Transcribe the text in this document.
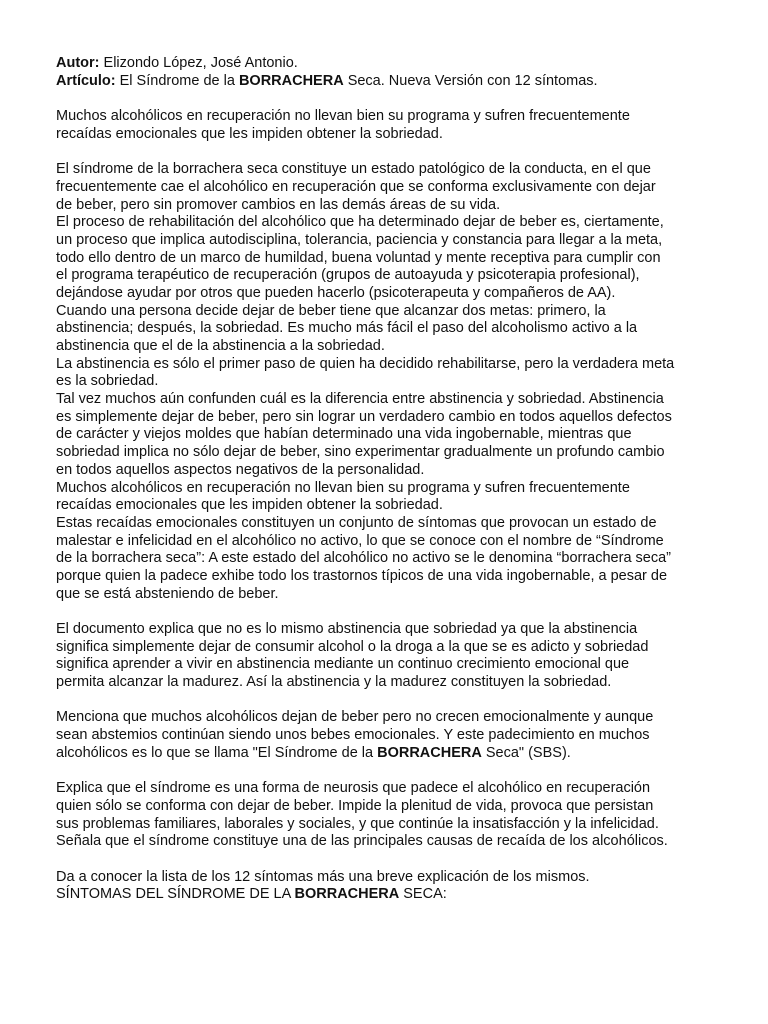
Autor: Elizondo López, José Antonio.
Artículo: El Síndrome de la BORRACHERA Seca. Nueva Versión con 12 síntomas.
Muchos alcohólicos en recuperación no llevan bien su programa y sufren frecuentemente
recaídas emocionales que les impiden obtener la sobriedad.
El síndrome de la borrachera seca constituye un estado patológico de la conducta, en el que
frecuentemente cae el alcohólico en recuperación que se conforma exclusivamente con dejar
de beber, pero sin promover cambios en las demás áreas de su vida.
El proceso de rehabilitación del alcohólico que ha determinado dejar de beber es, ciertamente,
un proceso que implica autodisciplina, tolerancia, paciencia y constancia para llegar a la meta,
todo ello dentro de un marco de humildad, buena voluntad y mente receptiva para cumplir con
el programa terapéutico de recuperación (grupos de autoayuda y psicoterapia profesional),
dejándose ayudar por otros que pueden hacerlo (psicoterapeuta y compañeros de AA).
Cuando una persona decide dejar de beber tiene que alcanzar dos metas: primero, la
abstinencia; después, la sobriedad. Es mucho más fácil el paso del alcoholismo activo a la
abstinencia que el de la abstinencia a la sobriedad.
La abstinencia es sólo el primer paso de quien ha decidido rehabilitarse, pero la verdadera meta
es la sobriedad.
Tal vez muchos aún confunden cuál es la diferencia entre abstinencia y sobriedad. Abstinencia
es simplemente dejar de beber, pero sin lograr un verdadero cambio en todos aquellos defectos
de carácter y viejos moldes que habían determinado una vida ingobernable, mientras que
sobriedad implica no sólo dejar de beber, sino experimentar gradualmente un profundo cambio
en todos aquellos aspectos negativos de la personalidad.
Muchos alcohólicos en recuperación no llevan bien su programa y sufren frecuentemente
recaídas emocionales que les impiden obtener la sobriedad.
Estas recaídas emocionales constituyen un conjunto de síntomas que provocan un estado de
malestar e infelicidad en el alcohólico no activo, lo que se conoce con el nombre de “Síndrome
de la borrachera seca”: A este estado del alcohólico no activo se le denomina “borrachera seca”
porque quien la padece exhibe todo los trastornos típicos de una vida ingobernable, a pesar de
que se está absteniendo de beber.
El documento explica que no es lo mismo abstinencia que sobriedad ya que la abstinencia
significa simplemente dejar de consumir alcohol o la droga a la que se es adicto y sobriedad
significa aprender a vivir en abstinencia mediante un continuo crecimiento emocional que
permita alcanzar la madurez. Así la abstinencia y la madurez constituyen la sobriedad.
Menciona que muchos alcohólicos dejan de beber pero no crecen emocionalmente y aunque
sean abstemios continúan siendo unos bebes emocionales. Y este padecimiento en muchos
alcohólicos es lo que se llama "El Síndrome de la BORRACHERA Seca" (SBS).
Explica que el síndrome es una forma de neurosis que padece el alcohólico en recuperación
quien sólo se conforma con dejar de beber. Impide la plenitud de vida, provoca que persistan
sus problemas familiares, laborales y sociales, y que continúe la insatisfacción y la infelicidad.
Señala que el síndrome constituye una de las principales causas de recaída de los alcohólicos.
Da a conocer la lista de los 12 síntomas más una breve explicación de los mismos.
SÍNTOMAS DEL SÍNDROME DE LA BORRACHERA SECA:
